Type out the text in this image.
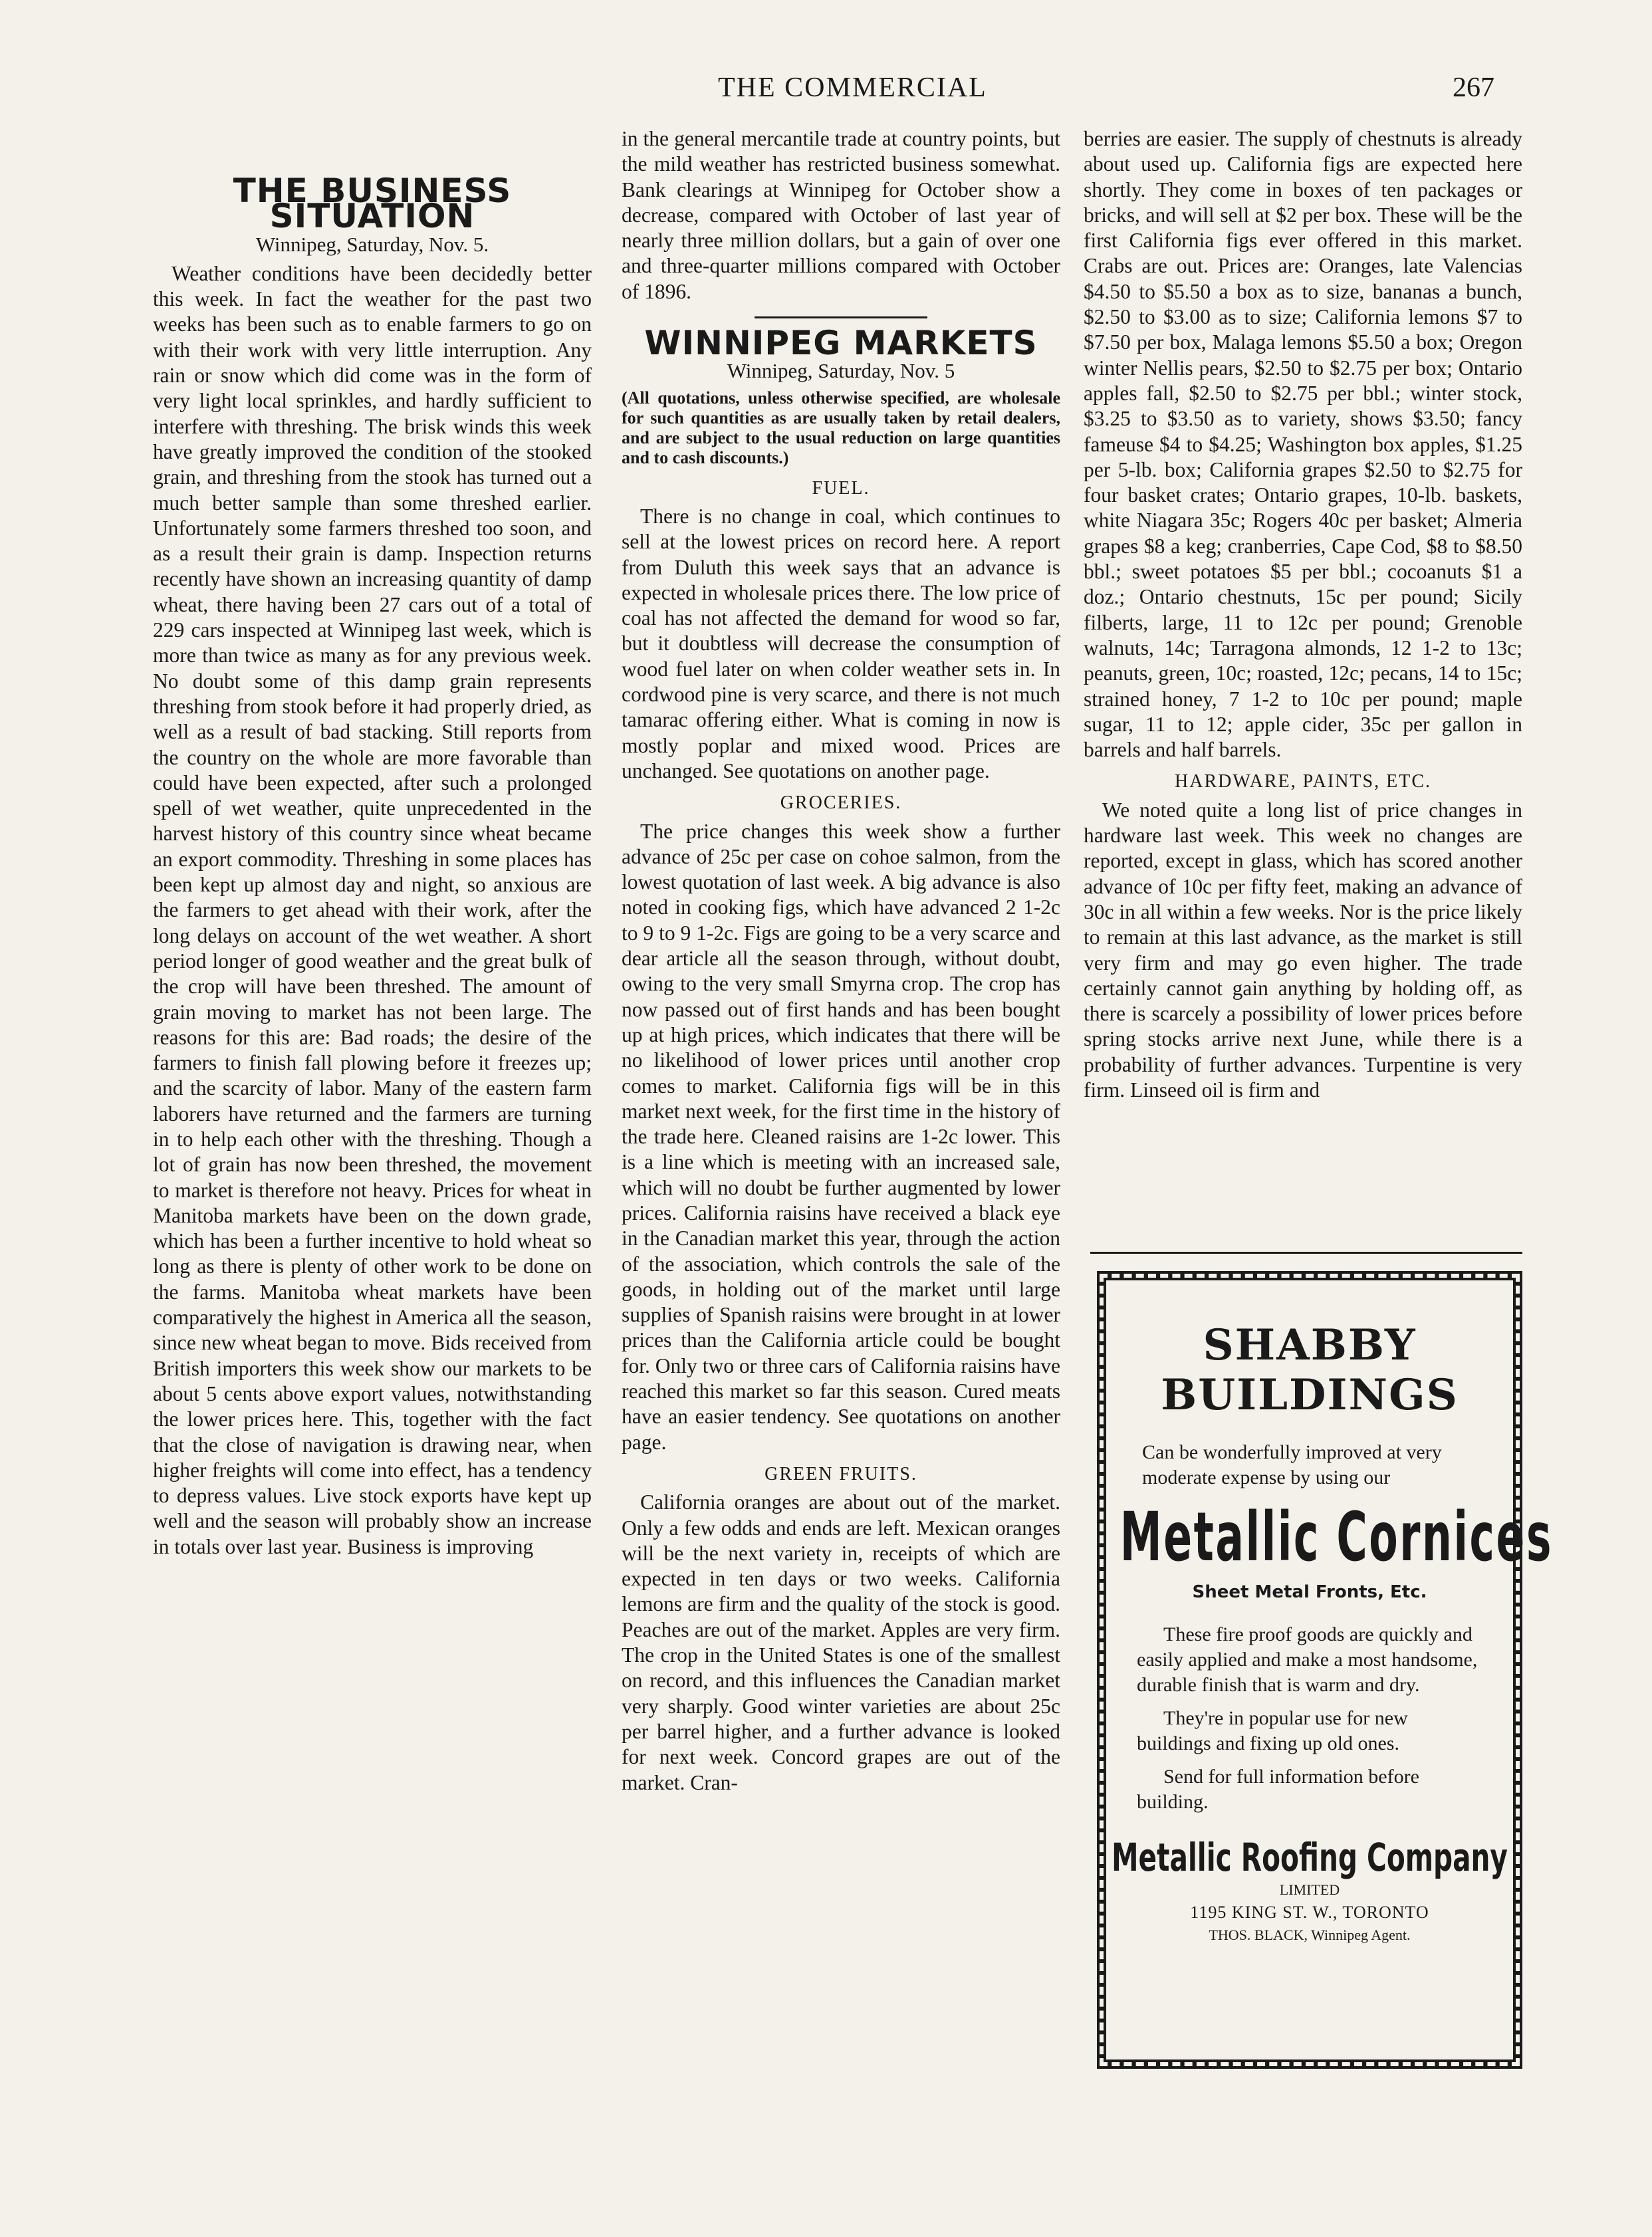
THE COMMERCIAL	267
THE BUSINESS SITUATION
Winnipeg, Saturday, Nov. 5.

Weather conditions have been decidedly better this week. In fact the weather for the past two weeks has been such as to enable farmers to go on with their work with very little interruption. Any rain or snow which did come was in the form of very light local sprinkles, and hardly sufficient to interfere with threshing. The brisk winds this week have greatly improved the condition of the stooked grain, and threshing from the stook has turned out a much better sample than some threshed earlier. Unfortunately some farmers threshed too soon, and as a result their grain is damp. Inspection returns recently have shown an increasing quantity of damp wheat, there having been 27 cars out of a total of 229 cars inspected at Winnipeg last week, which is more than twice as many as for any previous week. No doubt some of this damp grain represents threshing from stook before it had properly dried, as well as a result of bad stacking. Still reports from the country on the whole are more favorable than could have been expected, after such a prolonged spell of wet weather, quite unprecedented in the harvest history of this country since wheat became an export commodity. Threshing in some places has been kept up almost day and night, so anxious are the farmers to get ahead with their work, after the long delays on account of the wet weather. A short period longer of good weather and the great bulk of the crop will have been threshed. The amount of grain moving to market has not been large. The reasons for this are: Bad roads; the desire of the farmers to finish fall plowing before it freezes up; and the scarcity of labor. Many of the eastern farm laborers have returned and the farmers are turning in to help each other with the threshing. Though a lot of grain has now been threshed, the movement to market is therefore not heavy. Prices for wheat in Manitoba markets have been on the down grade, which has been a further incentive to hold wheat so long as there is plenty of other work to be done on the farms. Manitoba wheat markets have been comparatively the highest in America all the season, since new wheat began to move. Bids received from British importers this week show our markets to be about 5 cents above export values, notwithstanding the lower prices here. This, together with the fact that the close of navigation is drawing near, when higher freights will come into effect, has a tendency to depress values. Live stock exports have kept up well and the season will probably show an increase in totals over last year. Business is improving

in the general mercantile trade at country points, but the mild weather has restricted business somewhat. Bank clearings at Winnipeg for October show a decrease, compared with October of last year of nearly three million dollars, but a gain of over one and three-quarter millions compared with October of 1896.

WINNIPEG MARKETS
Winnipeg, Saturday, Nov. 5
(All quotations, unless otherwise specified, are wholesale for such quantities as are usually taken by retail dealers, and are subject to the usual reduction on large quantities and to cash discounts.)
FUEL.

There is no change in coal, which continues to sell at the lowest prices on record here. A report from Duluth this week says that an advance is expected in wholesale prices there. The low price of coal has not affected the demand for wood so far, but it doubtless will decrease the consumption of wood fuel later on when colder weather sets in. In cordwood pine is very scarce, and there is not much tamarac offering either. What is coming in now is mostly poplar and mixed wood. Prices are unchanged. See quotations on another page.

GROCERIES.

The price changes this week show a further advance of 25c per case on cohoe salmon, from the lowest quotation of last week. A big advance is also noted in cooking figs, which have advanced 2 1-2c to 9 to 9 1-2c. Figs are going to be a very scarce and dear article all the season through, without doubt, owing to the very small Smyrna crop. The crop has now passed out of first hands and has been bought up at high prices, which indicates that there will be no likelihood of lower prices until another crop comes to market. California figs will be in this market next week, for the first time in the history of the trade here. Cleaned raisins are 1-2c lower. This is a line which is meeting with an increased sale, which will no doubt be further augmented by lower prices. California raisins have received a black eye in the Canadian market this year, through the action of the association, which controls the sale of the goods, in holding out of the market until large supplies of Spanish raisins were brought in at lower prices than the California article could be bought for. Only two or three cars of California raisins have reached this market so far this season. Cured meats have an easier tendency. See quotations on another page.

GREEN FRUITS.

California oranges are about out of the market. Only a few odds and ends are left. Mexican oranges will be the next variety in, receipts of which are expected in ten days or two weeks. California lemons are firm and the quality of the stock is good. Peaches are out of the market. Apples are very firm. The crop in the United States is one of the smallest on record, and this influences the Canadian market very sharply. Good winter varieties are about 25c per barrel higher, and a further advance is looked for next week. Concord grapes are out of the market. Cran-

berries are easier. The supply of chestnuts is already about used up. California figs are expected here shortly. They come in boxes of ten packages or bricks, and will sell at $2 per box. These will be the first California figs ever offered in this market. Crabs are out. Prices are: Oranges, late Valencias $4.50 to $5.50 a box as to size, bananas a bunch, $2.50 to $3.00 as to size; California lemons $7 to $7.50 per box, Malaga lemons $5.50 a box; Oregon winter Nellis pears, $2.50 to $2.75 per box; Ontario apples fall, $2.50 to $2.75 per bbl.; winter stock, $3.25 to $3.50 as to variety, shows $3.50; fancy fameuse $4 to $4.25; Washington box apples, $1.25 per 5-lb. box; California grapes $2.50 to $2.75 for four basket crates; Ontario grapes, 10-lb. baskets, white Niagara 35c; Rogers 40c per basket; Almeria grapes $8 a keg; cranberries, Cape Cod, $8 to $8.50 bbl.; sweet potatoes $5 per bbl.; cocoanuts $1 a doz.; Ontario chestnuts, 15c per pound; Sicily filberts, large, 11 to 12c per pound; Grenoble walnuts, 14c; Tarragona almonds, 12 1-2 to 13c; peanuts, green, 10c; roasted, 12c; pecans, 14 to 15c; strained honey, 7 1-2 to 10c per pound; maple sugar, 11 to 12; apple cider, 35c per gallon in barrels and half barrels.

HARDWARE, PAINTS, ETC.

We noted quite a long list of price changes in hardware last week. This week no changes are reported, except in glass, which has scored another advance of 10c per fifty feet, making an advance of 30c in all within a few weeks. Nor is the price likely to remain at this last advance, as the market is still very firm and may go even higher. The trade certainly cannot gain anything by holding off, as there is scarcely a possibility of lower prices before spring stocks arrive next June, while there is a probability of further advances. Turpentine is very firm. Linseed oil is firm and

SHABBY BUILDINGS
Can be wonderfully improved at very moderate expense by using our
Metallic Cornices
Sheet Metal Fronts, Etc.
These fire proof goods are quickly and easily applied and make a most handsome, durable finish that is warm and dry.
They're in popular use for new buildings and fixing up old ones.
Send for full information before building.
Metallic Roofing Company
LIMITED
1195 KING ST. W., TORONTO
THOS. BLACK, Winnipeg Agent.
